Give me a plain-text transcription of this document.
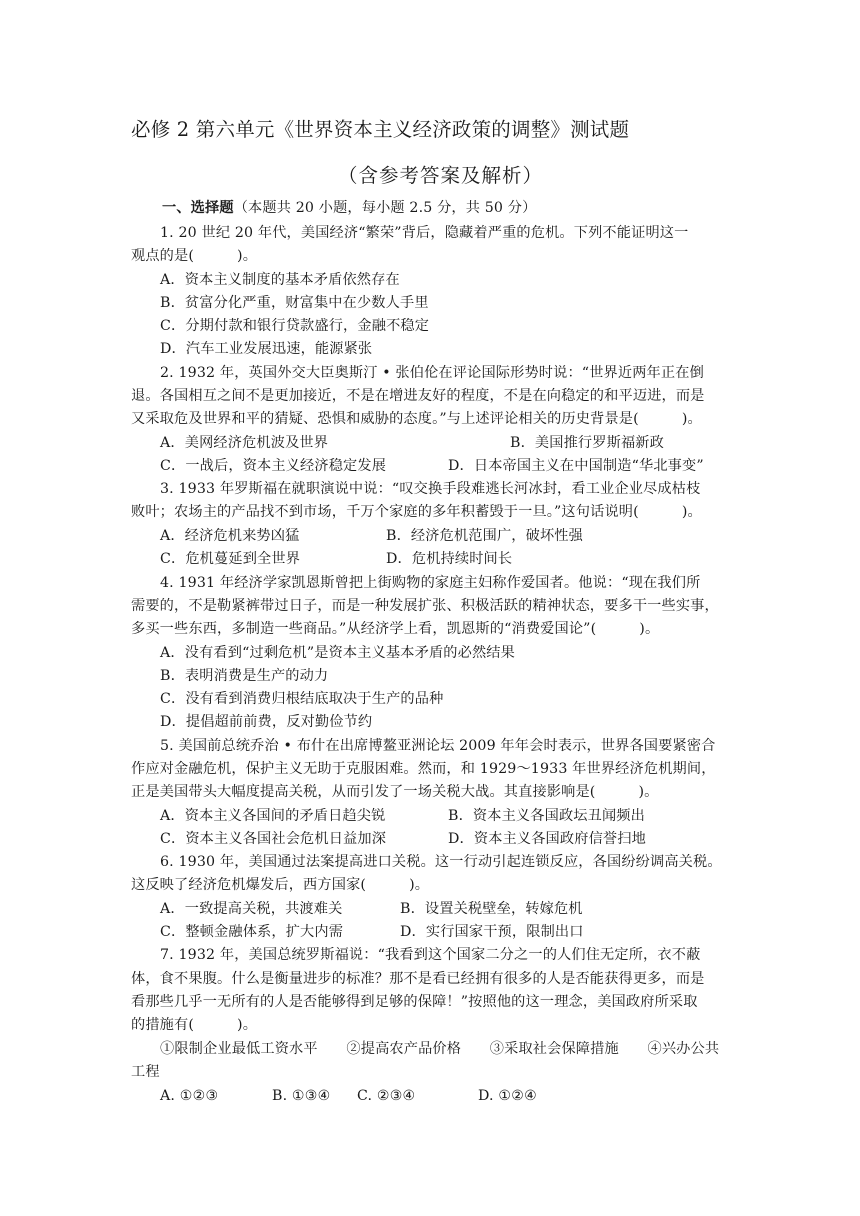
必修 2 第六单元《世界资本主义经济政策的调整》测试题
（含参考答案及解析）
一、选择题（本题共 20 小题，每小题 2.5 分，共 50 分）
1. 20 世纪 20 年代，美国经济“繁荣”背后，隐藏着严重的危机。下列不能证明这一
观点的是(　　　)。
A．资本主义制度的基本矛盾依然存在
B．贫富分化严重，财富集中在少数人手里
C．分期付款和银行贷款盛行，金融不稳定
D．汽车工业发展迅速，能源紧张
2. 1932 年，英国外交大臣奥斯汀 • 张伯伦在评论国际形势时说：“世界近两年正在倒
退。各国相互之间不是更加接近，不是在增进友好的程度，不是在向稳定的和平迈进，而是
又采取危及世界和平的猜疑、恐惧和威胁的态度。”与上述评论相关的历史背景是(　　　)。
A．美网经济危机波及世界	B．美国推行罗斯福新政
C．一战后，资本主义经济稳定发展	D．日本帝国主义在中国制造“华北事变”
3. 1933 年罗斯福在就职演说中说：“叹交换手段难逃长河冰封，看工业企业尽成枯枝
败叶；农场主的产品找不到市场，千万个家庭的多年积蓄毁于一旦。”这句话说明(　　　)。
A．经济危机来势凶猛	B．经济危机范围广，破坏性强
C．危机蔓延到全世界	D．危机持续时间长
4. 1931 年经济学家凯恩斯曾把上街购物的家庭主妇称作爱国者。他说：“现在我们所
需要的，不是勒紧裤带过日子，而是一种发展扩张、积极活跃的精神状态，要多干一些实事，
多买一些东西，多制造一些商品。”从经济学上看，凯恩斯的“消费爱国论”(　　　)。
A．没有看到“过剩危机”是资本主义基本矛盾的必然结果
B．表明消费是生产的动力
C．没有看到消费归根结底取决于生产的品种
D．提倡超前前费，反对勤俭节约
5. 美国前总统乔治 • 布什在出席博鳌亚洲论坛 2009 年年会时表示，世界各国要紧密合
作应对金融危机，保护主义无助于克服困难。然而，和 1929～1933 年世界经济危机期间，
正是美国带头大幅度提高关税，从而引发了一场关税大战。其直接影响是(　　　)。
A．资本主义各国间的矛盾日趋尖锐	B．资本主义各国政坛丑闻频出
C．资本主义各国社会危机日益加深	D．资本主义各国政府信誉扫地
6. 1930 年，美国通过法案提高进口关税。这一行动引起连锁反应，各国纷纷调高关税。
这反映了经济危机爆发后，西方国家(　　　)。
A．一致提高关税，共渡难关	B．设置关税壁垒，转嫁危机
C．整顿金融体系，扩大内需	D．实行国家干预，限制出口
7. 1932 年，美国总统罗斯福说：“我看到这个国家二分之一的人们住无定所，衣不蔽
体，食不果腹。什么是衡量进步的标准？那不是看已经拥有很多的人是否能获得更多，而是
看那些几乎一无所有的人是否能够得到足够的保障！”按照他的这一理念，美国政府所采取
的措施有(　　　)。
①限制企业最低工资水平　　②提高农产品价格　　③采取社会保障措施　　④兴办公共
工程
A. ①②③	B. ①③④ C. ②③④	D. ①②④
